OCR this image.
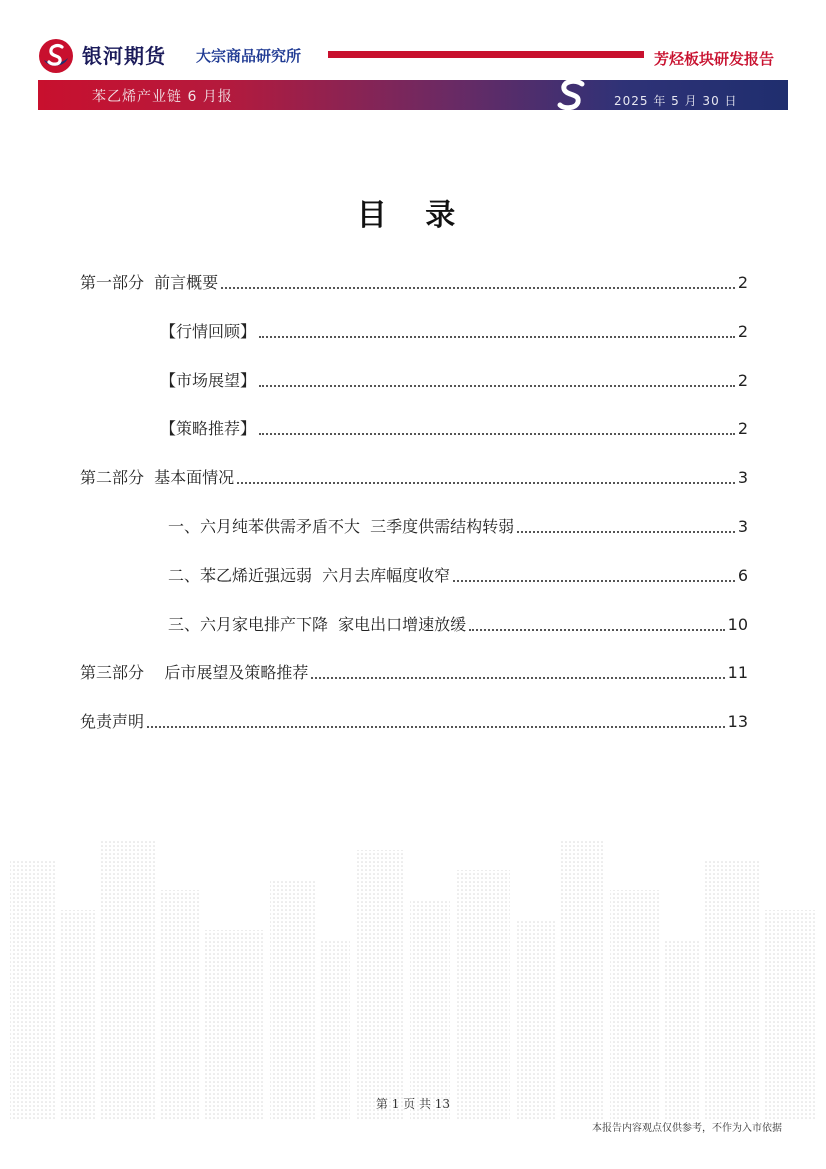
银河期货 大宗商品研究所	芳烃板块研发报告
苯乙烯产业链 6 月报	2025 年 5 月 30 日
目 录
第一部分  前言概要	2
【行情回顾】	2
【市场展望】	2
【策略推荐】	2
第二部分  基本面情况	3
一、六月纯苯供需矛盾不大  三季度供需结构转弱	3
二、苯乙烯近强远弱  六月去库幅度收窄	6
三、六月家电排产下降  家电出口增速放缓	10
第三部分    后市展望及策略推荐	11
免责声明	13
第 1 页 共 13
本报告内容观点仅供参考，不作为入市依据
